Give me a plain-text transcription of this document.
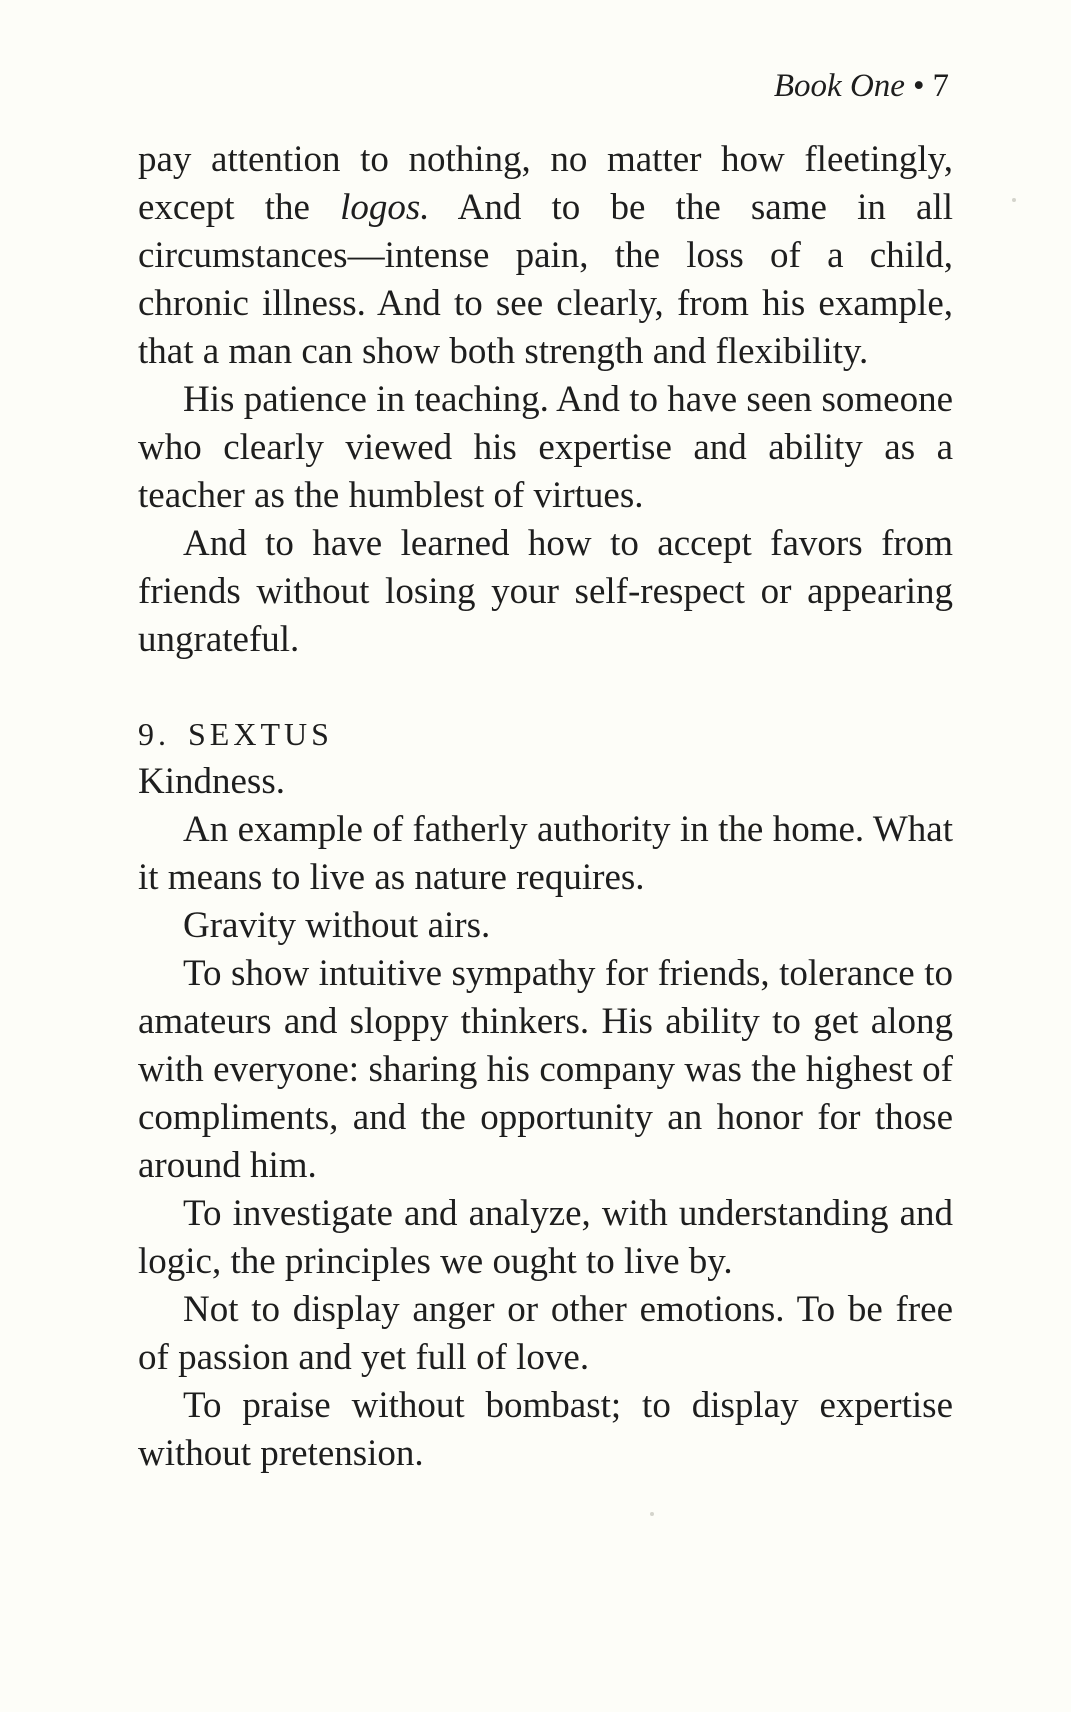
Book One • 7

pay attention to nothing, no matter how fleetingly, except the logos. And to be the same in all circumstances—intense pain, the loss of a child, chronic illness. And to see clearly, from his example, that a man can show both strength and flexibility.

His patience in teaching. And to have seen someone who clearly viewed his expertise and ability as a teacher as the humblest of virtues.

And to have learned how to accept favors from friends without losing your self-respect or appearing ungrateful.

9. SEXTUS

Kindness.

An example of fatherly authority in the home. What it means to live as nature requires.

Gravity without airs.

To show intuitive sympathy for friends, tolerance to amateurs and sloppy thinkers. His ability to get along with everyone: sharing his company was the highest of compliments, and the opportunity an honor for those around him.

To investigate and analyze, with understanding and logic, the principles we ought to live by.

Not to display anger or other emotions. To be free of passion and yet full of love.

To praise without bombast; to display expertise without pretension.
